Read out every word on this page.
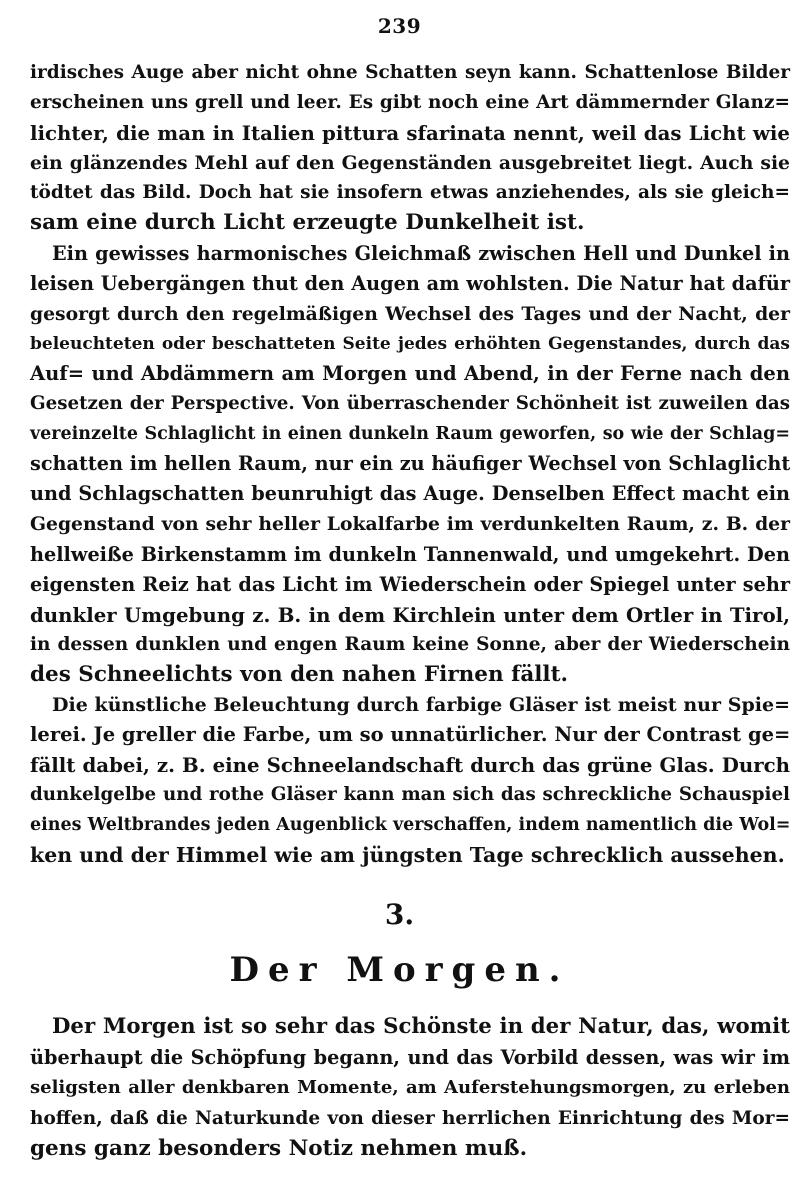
239
irdisches Auge aber nicht ohne Schatten seyn kann. Schattenlose Bilder
erscheinen uns grell und leer. Es gibt noch eine Art dämmernder Glanz=
lichter, die man in Italien pittura sfarinata nennt, weil das Licht wie
ein glänzendes Mehl auf den Gegenständen ausgebreitet liegt. Auch sie
tödtet das Bild. Doch hat sie insofern etwas anziehendes, als sie gleich=
sam eine durch Licht erzeugte Dunkelheit ist.
Ein gewisses harmonisches Gleichmaß zwischen Hell und Dunkel in
leisen Uebergängen thut den Augen am wohlsten. Die Natur hat dafür
gesorgt durch den regelmäßigen Wechsel des Tages und der Nacht, der
beleuchteten oder beschatteten Seite jedes erhöhten Gegenstandes, durch das
Auf= und Abdämmern am Morgen und Abend, in der Ferne nach den
Gesetzen der Perspective. Von überraschender Schönheit ist zuweilen das
vereinzelte Schlaglicht in einen dunkeln Raum geworfen, so wie der Schlag=
schatten im hellen Raum, nur ein zu häufiger Wechsel von Schlaglicht
und Schlagschatten beunruhigt das Auge. Denselben Effect macht ein
Gegenstand von sehr heller Lokalfarbe im verdunkelten Raum, z. B. der
hellweiße Birkenstamm im dunkeln Tannenwald, und umgekehrt. Den
eigensten Reiz hat das Licht im Wiederschein oder Spiegel unter sehr
dunkler Umgebung z. B. in dem Kirchlein unter dem Ortler in Tirol,
in dessen dunklen und engen Raum keine Sonne, aber der Wiederschein
des Schneelichts von den nahen Firnen fällt.
Die künstliche Beleuchtung durch farbige Gläser ist meist nur Spie=
lerei. Je greller die Farbe, um so unnatürlicher. Nur der Contrast ge=
fällt dabei, z. B. eine Schneelandschaft durch das grüne Glas. Durch
dunkelgelbe und rothe Gläser kann man sich das schreckliche Schauspiel
eines Weltbrandes jeden Augenblick verschaffen, indem namentlich die Wol=
ken und der Himmel wie am jüngsten Tage schrecklich aussehen.
3.
Der Morgen.
Der Morgen ist so sehr das Schönste in der Natur, das, womit
überhaupt die Schöpfung begann, und das Vorbild dessen, was wir im
seligsten aller denkbaren Momente, am Auferstehungsmorgen, zu erleben
hoffen, daß die Naturkunde von dieser herrlichen Einrichtung des Mor=
gens ganz besonders Notiz nehmen muß.
